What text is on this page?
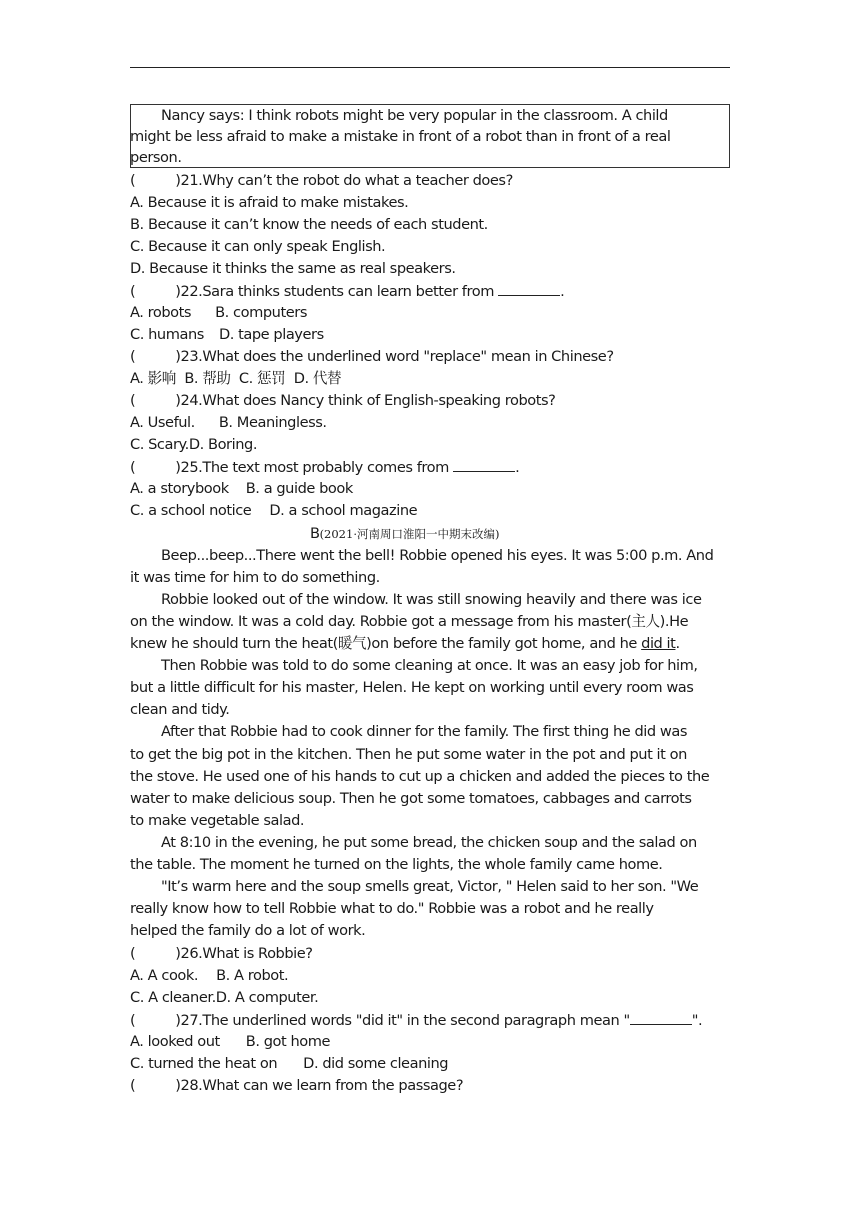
Nancy says: I think robots might be very popular in the classroom. A child
might be less afraid to make a mistake in front of a robot than in front of a real
person.
(	)21.Why can’t the robot do what a teacher does?
A. Because it is afraid to make mistakes.
B. Because it can’t know the needs of each student.
C. Because it can only speak English.
D. Because it thinks the same as real speakers.
(	)22.Sara thinks students can learn better from	.
A. robots B. computers
C. humans D. tape players
(	)23.What does the underlined word "replace" mean in Chinese?
A. 影响  B. 帮助  C. 惩罚  D. 代替
(	)24.What does Nancy think of English-speaking robots?
A. Useful. B. Meaningless.
C. Scary.D. Boring.
(	)25.The text most probably comes from	.
A. a storybook B. a guide book
C. a school notice D. a school magazine
B(2021·河南周口淮阳一中期末改编)
Beep...beep...There went the bell! Robbie opened his eyes. It was 5:00 p.m. And
it was time for him to do something.
Robbie looked out of the window. It was still snowing heavily and there was ice
on the window. It was a cold day. Robbie got a message from his master(主人).He
knew he should turn the heat(暖气)on before the family got home, and he did it.
Then Robbie was told to do some cleaning at once. It was an easy job for him,
but a little difficult for his master, Helen. He kept on working until every room was
clean and tidy.
After that Robbie had to cook dinner for the family. The first thing he did was
to get the big pot in the kitchen. Then he put some water in the pot and put it on
the stove. He used one of his hands to cut up a chicken and added the pieces to the
water to make delicious soup. Then he got some tomatoes, cabbages and carrots
to make vegetable salad.
At 8:10 in the evening, he put some bread, the chicken soup and the salad on
the table. The moment he turned on the lights, the whole family came home.
"It’s warm here and the soup smells great, Victor, " Helen said to her son. "We
really know how to tell Robbie what to do." Robbie was a robot and he really
helped the family do a lot of work.
(	)26.What is Robbie?
A. A cook. B. A robot.
C. A cleaner.D. A computer.
(	)27.The underlined words "did it" in the second paragraph mean "	".
A. looked out B. got home
C. turned the heat on D. did some cleaning
(	)28.What can we learn from the passage?
